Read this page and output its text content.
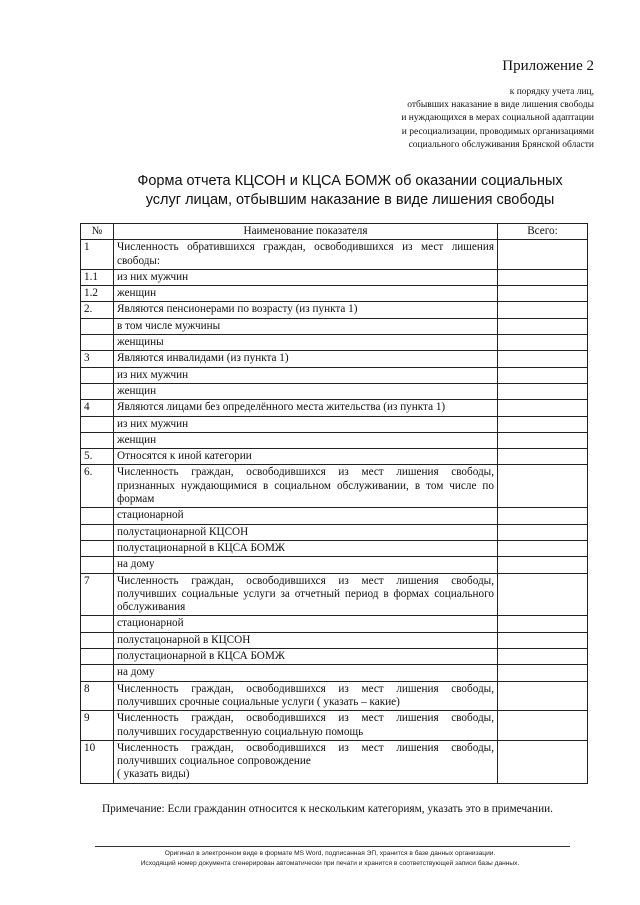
Приложение 2
к порядку учета лиц,
отбывших наказание в виде лишения свободы
и нуждающихся в мерах социальной адаптации
и ресоциализации, проводимых организациями
социального обслуживания Брянской области
Форма отчета КЦСОН и КЦСА БОМЖ об оказании социальных
услуг лицам, отбывшим наказание в виде лишения свободы
№	Наименование показателя	Всего:
1	Численность обратившихся граждан, освободившихся из мест лишения свободы:	
1.1	из них мужчин	
1.2	женщин	
2.	Являются пенсионерами по возрасту (из пункта 1)	
	в том числе мужчины	
	женщины	
3	Являются инвалидами (из пункта 1)	
	из них мужчин	
	женщин	
4	Являются лицами без определённого места жительства (из пункта 1)	
	из них мужчин	
	женщин	
5.	Относятся к иной категории	
6.	Численность граждан, освободившихся из мест лишения свободы, признанных нуждающимися в социальном обслуживании, в том числе по формам	
	стационарной	
	полустационарной КЦСОН	
	полустационарной в КЦСА БОМЖ	
	на дому	
7	Численность граждан, освободившихся из мест лишения свободы, получивших социальные услуги за отчетный период в формах социального обслуживания	
	стационарной	
	полустацонарной в КЦСОН	
	полустационарной в КЦСА БОМЖ	
	на дому	
8	Численность граждан, освободившихся из мест лишения свободы, получивших срочные социальные услуги ( указать – какие)	
9	Численность граждан, освободившихся из мест лишения свободы, получивших государственную социальную помощь	
10	Численность граждан, освободившихся из мест лишения свободы, получивших социальное сопровождение
( указать виды)	

Примечание: Если гражданин относится к нескольким категориям, указать это в примечании.
Оригинал в электронном виде в формате MS Word, подписанная ЭП, хранится в базе данных организации.
Исходящий номер документа сгенерирован автоматически при печати и хранится в соответствующей записи базы данных.
